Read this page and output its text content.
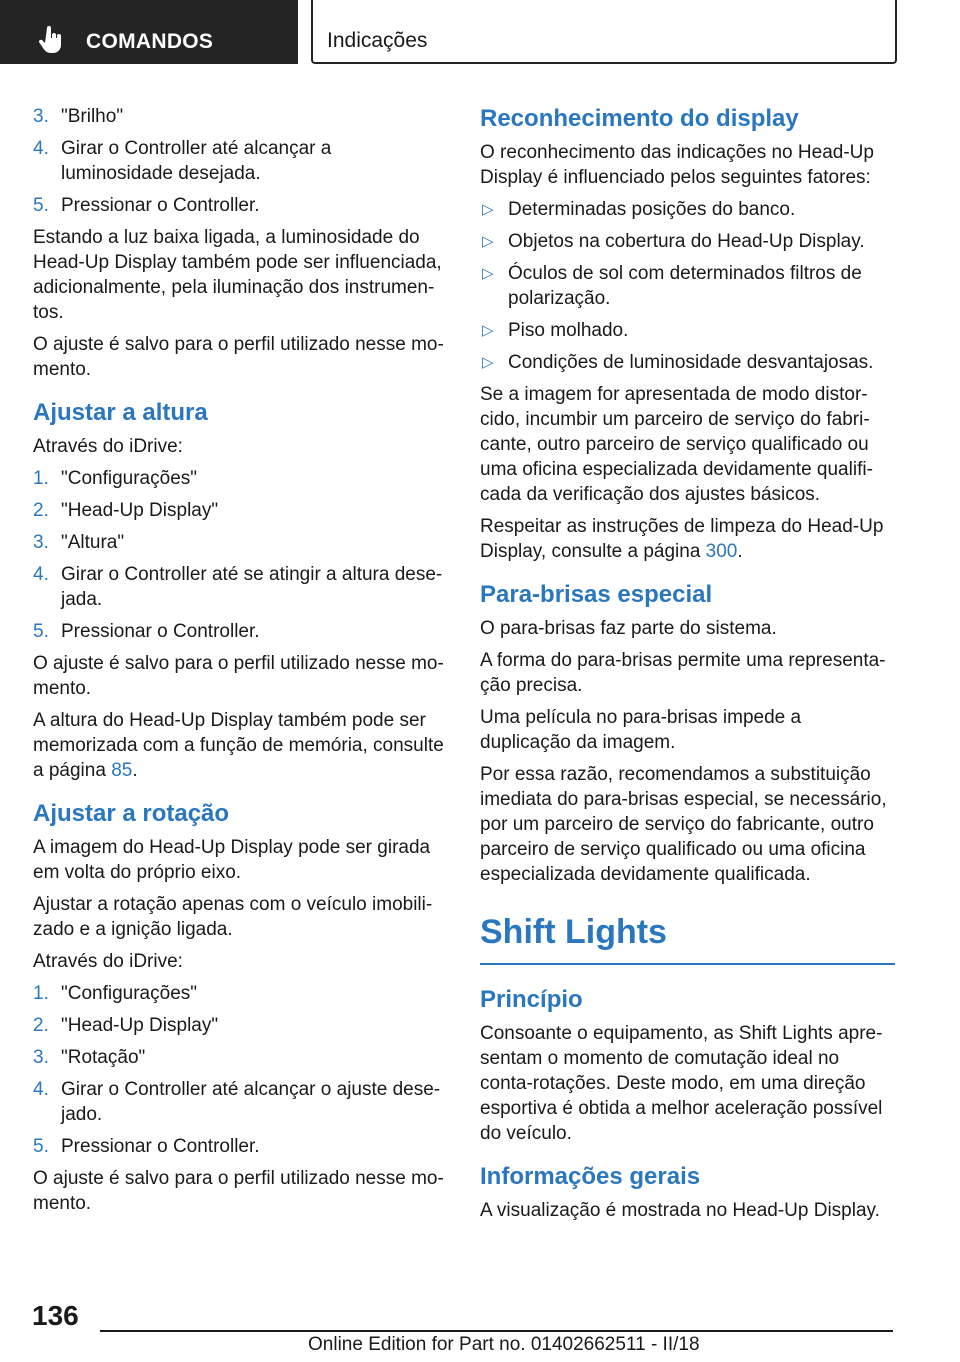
COMANDOS	Indicações
3. "Brilho"
4. Girar o Controller até alcançar a luminosidade desejada.
5. Pressionar o Controller.

Estando a luz baixa ligada, a luminosidade do Head-Up Display também pode ser influenciada, adicionalmente, pela iluminação dos instrumen-tos.

O ajuste é salvo para o perfil utilizado nesse mo-mento.

Ajustar a altura

Através do iDrive:

1. "Configurações"
2. "Head-Up Display"
3. "Altura"
4. Girar o Controller até se atingir a altura dese-jada.
5. Pressionar o Controller.

O ajuste é salvo para o perfil utilizado nesse mo-mento.

A altura do Head-Up Display também pode ser memorizada com a função de memória, consulte a página 85.

Ajustar a rotação

A imagem do Head-Up Display pode ser girada em volta do próprio eixo.

Ajustar a rotação apenas com o veículo imobili-zado e a ignição ligada.

Através do iDrive:

1. "Configurações"
2. "Head-Up Display"
3. "Rotação"
4. Girar o Controller até alcançar o ajuste dese-jado.
5. Pressionar o Controller.

O ajuste é salvo para o perfil utilizado nesse mo-mento.

Reconhecimento do display

O reconhecimento das indicações no Head-Up Display é influenciado pelos seguintes fatores:

▷ Determinadas posições do banco.
▷ Objetos na cobertura do Head-Up Display.
▷ Óculos de sol com determinados filtros de polarização.
▷ Piso molhado.
▷ Condições de luminosidade desvantajosas.

Se a imagem for apresentada de modo distor-cido, incumbir um parceiro de serviço do fabri-cante, outro parceiro de serviço qualificado ou uma oficina especializada devidamente qualifi-cada da verificação dos ajustes básicos.

Respeitar as instruções de limpeza do Head-Up Display, consulte a página 300.

Para-brisas especial

O para-brisas faz parte do sistema.

A forma do para-brisas permite uma representa-ção precisa.

Uma película no para-brisas impede a duplicação da imagem.

Por essa razão, recomendamos a substituição imediata do para-brisas especial, se necessário, por um parceiro de serviço do fabricante, outro parceiro de serviço qualificado ou uma oficina especializada devidamente qualificada.

Shift Lights
Princípio

Consoante o equipamento, as Shift Lights apre-sentam o momento de comutação ideal no conta-rotações. Deste modo, em uma direção esportiva é obtida a melhor aceleração possível do veículo.

Informações gerais

A visualização é mostrada no Head-Up Display.

136
Online Edition for Part no. 01402662511 - II/18
